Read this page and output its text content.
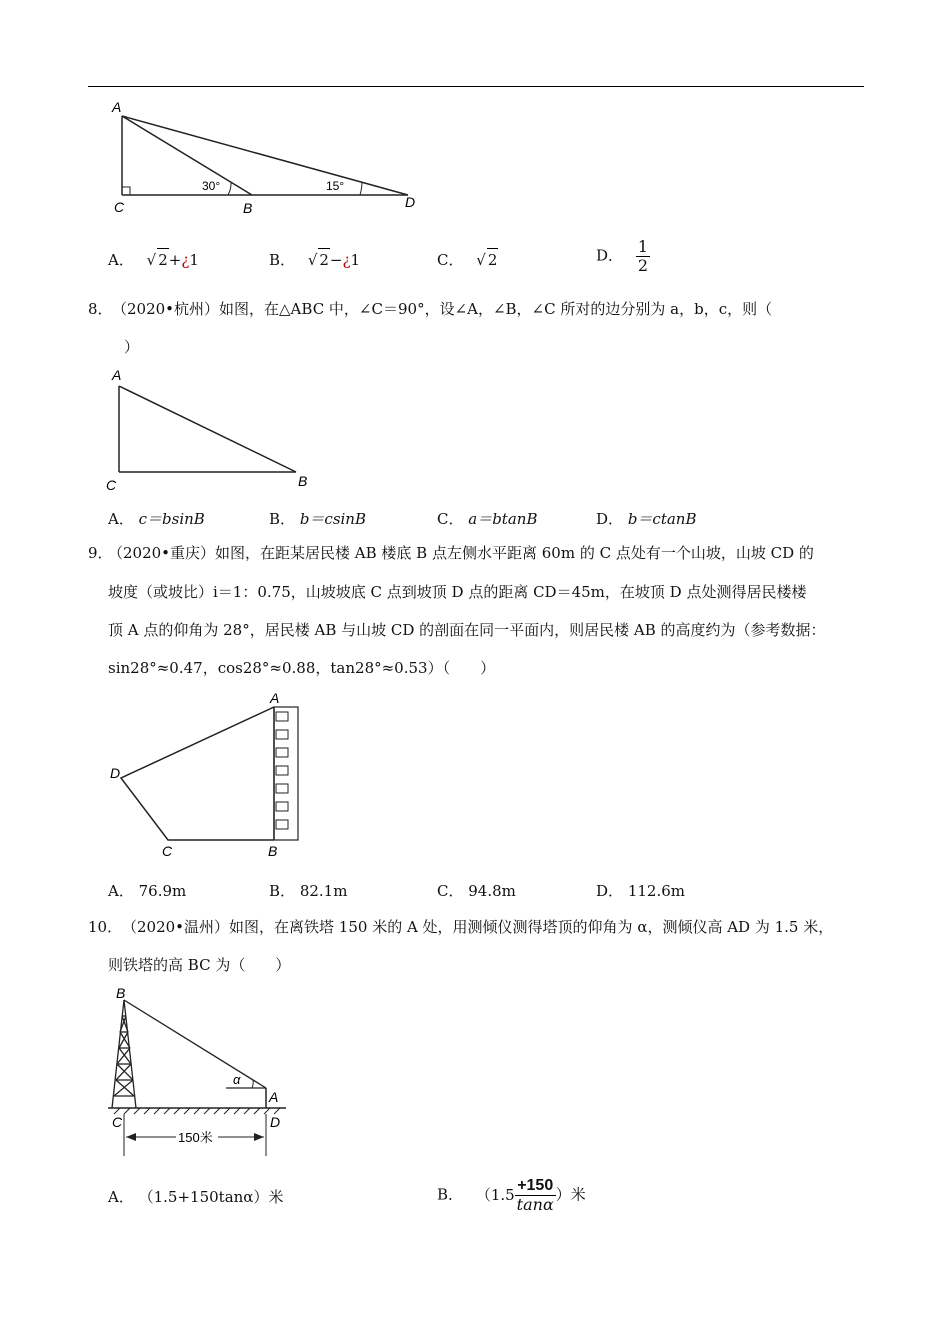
A
C	B	D
30°	15°
A． √ 2+¿1	B． √ 2−¿1	C． √ 2	D． $\frac{1}{2}$
8． （2020•杭州）如图，在△ABC 中，∠C＝90°，设∠A，∠B，∠C 所对的边分别为 a，b，c，则（
）
A
C	B
A． c＝bsinB	B． b＝csinB	C． a＝btanB	D． b＝ctanB
9．
（2020•重庆）如图，在距某居民楼 AB 楼底 B 点左侧水平距离 60m 的 C 点处有一个山坡，山坡 CD 的
坡度（或坡比）i＝1：0.75，山坡坡底 C 点到坡顶 D 点的距离 CD＝45m，在坡顶 D 点处测得居民楼楼
顶 A 点的仰角为 28°，居民楼 AB 与山坡 CD 的剖面在同一平面内，则居民楼 AB 的高度约为（参考数据：
sin28°≈0.47，cos28°≈0.88，tan28°≈0.53）（　　）
A
D
C	B
A． 76.9m	B． 82.1m	C． 94.8m	D． 112.6m
10． （2020•温州）如图，在离铁塔 150 米的 A 处，用测倾仪测得塔顶的仰角为 α，测倾仪高 AD 为 1.5 米，
则铁塔的高 BC 为（　　）
150米
B
A
C	D
α
A． （1.5+150tanα）米	B． （$1.5 \frac{+150}{\tan\alpha}$ ）米
